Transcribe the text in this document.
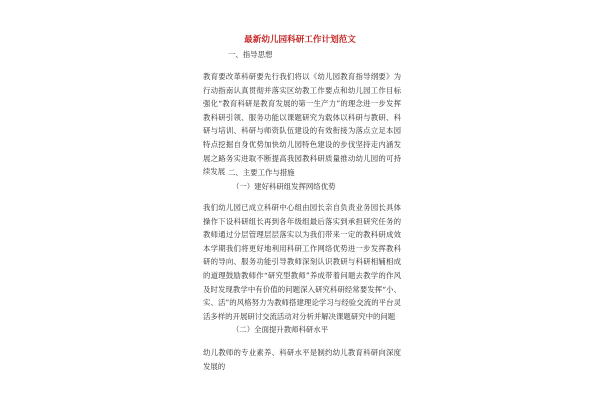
最新幼儿园科研工作计划范文
一、指导思想

教育要改革科研要先行我们将以《幼儿园教育指导纲要》为行动指南认真贯彻并落实区幼教工作要点和幼儿园工作目标强化“教育科研是教育发展的第一生产力”的理念进一步发挥教科研引领、服务功能以课题研究为载体以科研与教研、科研与培训、科研与师资队伍建设的有效衔接为落点立足本园特点挖掘自身优势加快幼儿园特色建设的步伐坚持走内涵发展之路务实进取不断提高我园教科研质量推动幼儿园的可持续发展 二、主要工作与措施
（一）建好科研组发挥网络优势

我们幼儿园已成立科研中心组由园长亲自负责业务园长具体操作下设科研组长再到各年级组最后落实到承担研究任务的教师通过分层管理层层落实以为我们带来一定的教科研成效本学期我们将更好地利用科研工作网络优势进一步发挥教科研的导向、服务功能引导教师深刻认识教研与科研相辅相成的道理鼓励教师作“研究型教师”养成带着问题去教学的作风及时发现教学中有价值的问题深入研究科研经常要发挥“小、实、活”的风格努力为教师搭建理论学习与经验交流的平台灵活多样的开展研讨交流活动对分析并解决课题研究中的问题

（二）全面提升教师科研水平

幼儿教师的专业素养、科研水平是制约幼儿教育科研向深度发展的
